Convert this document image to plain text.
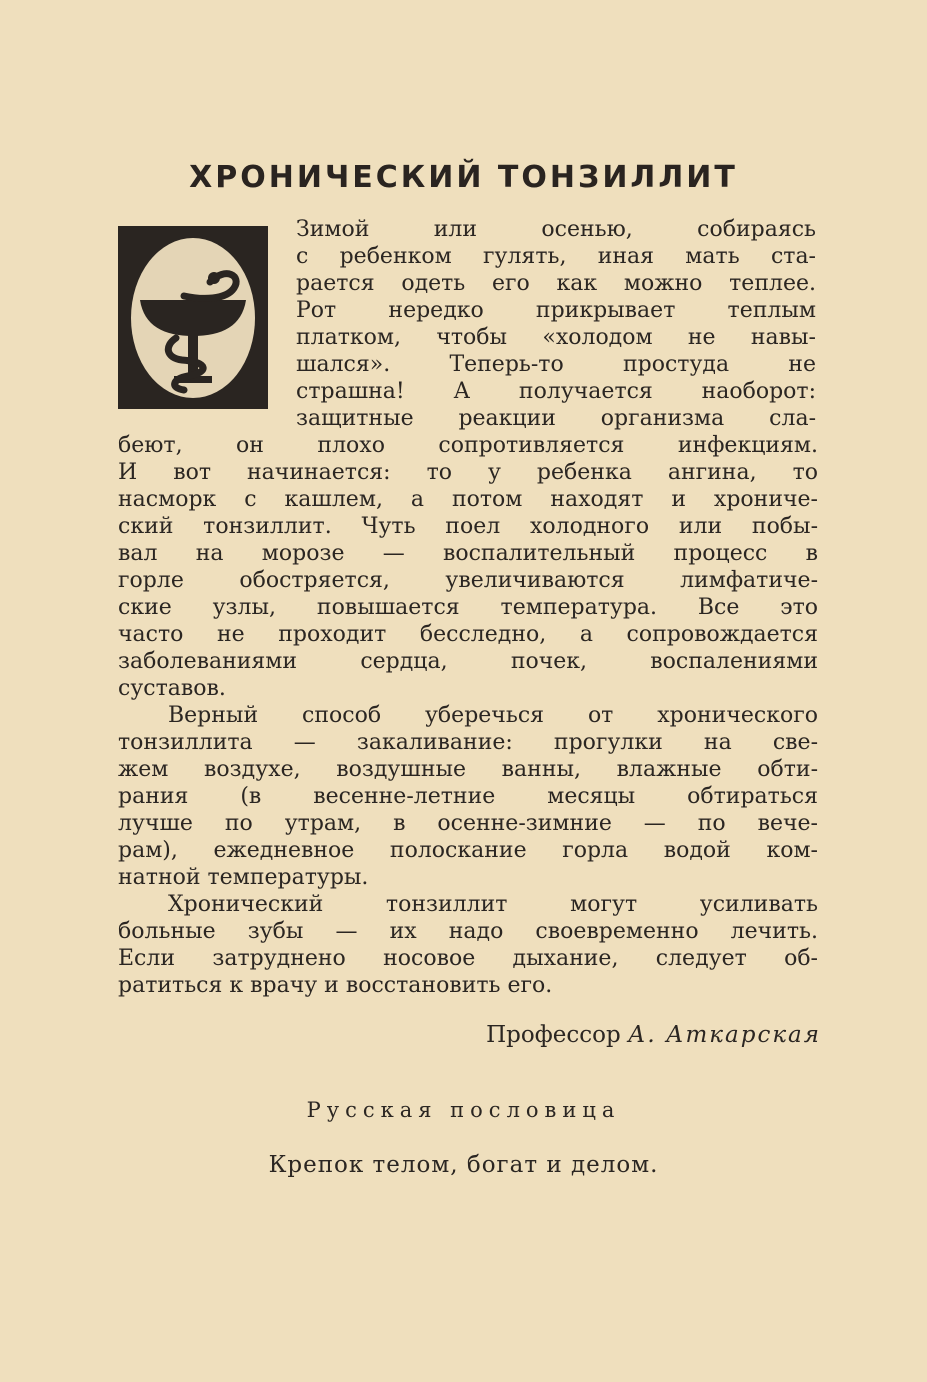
ХРОНИЧЕСКИЙ ТОНЗИЛЛИТ
Зимой или осенью, собираясь
с ребенком гулять, иная мать ста-
рается одеть его как можно теплее.
Рот нередко прикрывает теплым
платком, чтобы «холодом не навы-
шался». Теперь-то простуда не
страшна! А получается наоборот:
защитные реакции организма сла-
беют, он плохо сопротивляется инфекциям.
И вот начинается: то у ребенка ангина, то
насморк с кашлем, а потом находят и хрониче-
ский тонзиллит. Чуть поел холодного или побы-
вал на морозе — воспалительный процесс в
горле обостряется, увеличиваются лимфатиче-
ские узлы, повышается температура. Все это
часто не проходит бесследно, а сопровождается
заболеваниями сердца, почек, воспалениями
суставов.
Верный способ уберечься от хронического
тонзиллита — закаливание: прогулки на све-
жем воздухе, воздушные ванны, влажные обти-
рания (в весенне-летние месяцы обтираться
лучше по утрам, в осенне-зимние — по вече-
рам), ежедневное полоскание горла водой ком-
натной температуры.
Хронический тонзиллит могут усиливать
больные зубы — их надо своевременно лечить.
Если затруднено носовое дыхание, следует об-
ратиться к врачу и восстановить его.
Профессор А. Аткарская
Русская пословица
Крепок телом, богат и делом.
